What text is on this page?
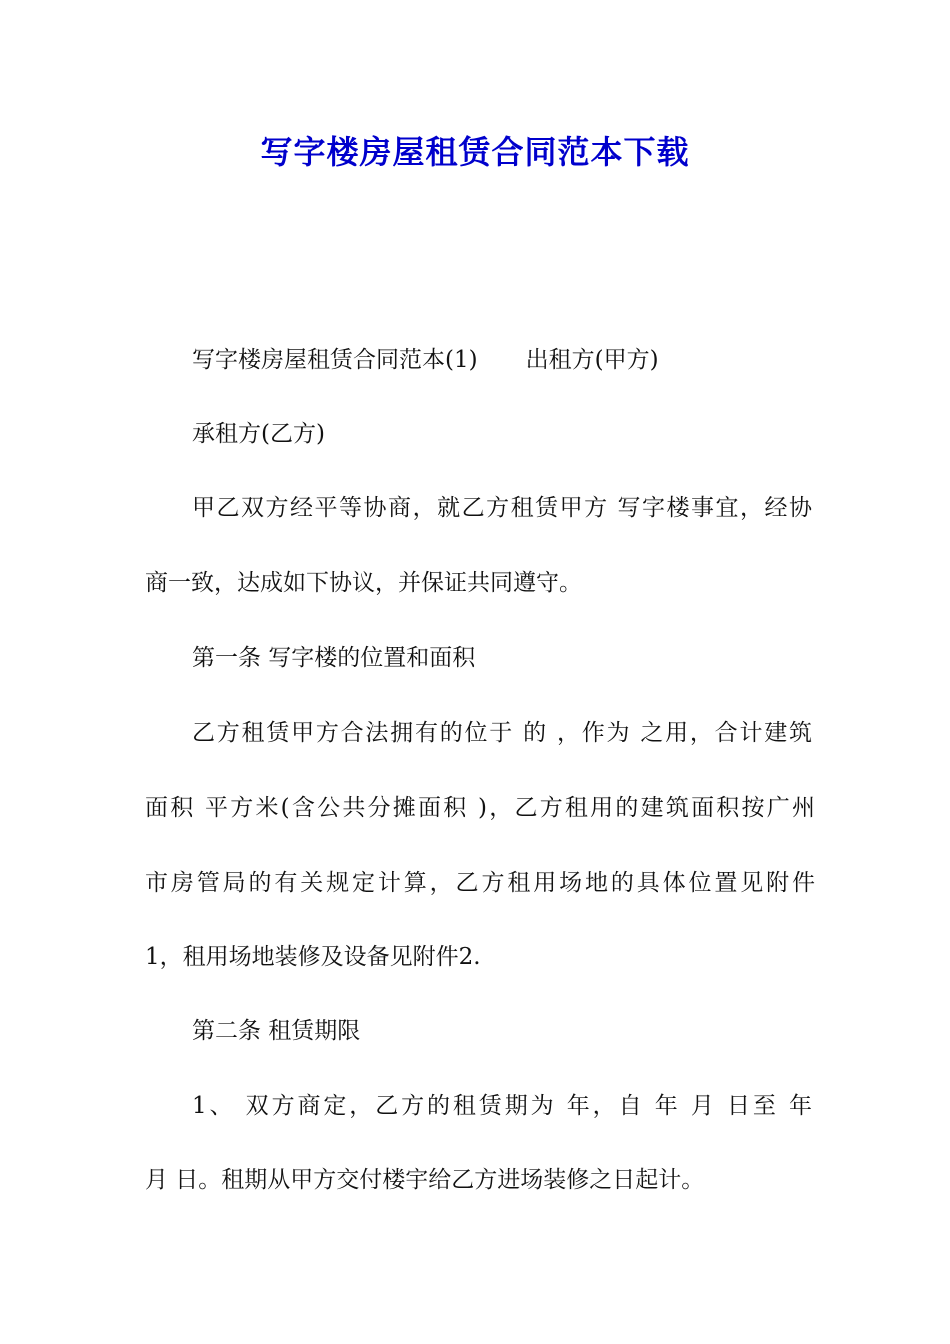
写字楼房屋租赁合同范本下载
写字楼房屋租赁合同范本(1) 出租方(甲方)
承租方(乙方)
甲乙双方经平等协商，就乙方租赁甲方 写字楼事宜，经协
商一致，达成如下协议，并保证共同遵守。
第一条 写字楼的位置和面积
乙方租赁甲方合法拥有的位于 的 ，作为 之用，合计建筑
面积 平方米(含公共分摊面积 )，乙方租用的建筑面积按广州
市房管局的有关规定计算，乙方租用场地的具体位置见附件
1，租用场地装修及设备见附件2.
第二条 租赁期限
1、 双方商定，乙方的租赁期为 年，自 年 月 日至 年
月 日。租期从甲方交付楼宇给乙方进场装修之日起计。
